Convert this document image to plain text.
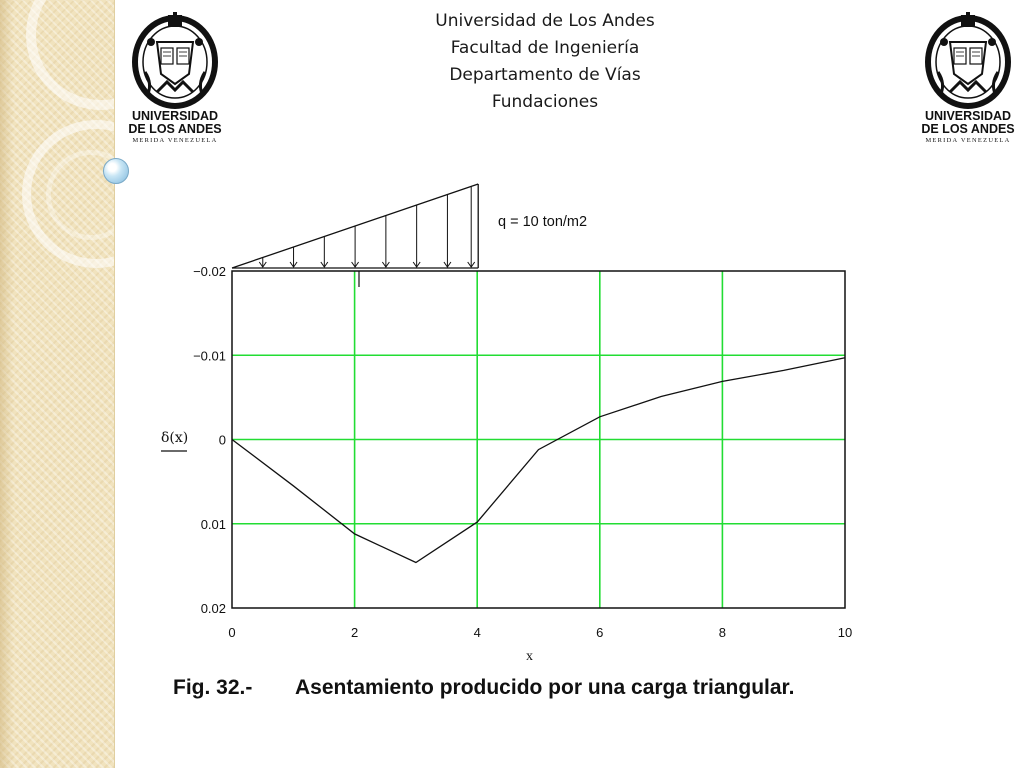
UNIVERSIDAD
DE LOS ANDES
MERIDA VENEZUELA
UNIVERSIDAD
DE LOS ANDES
MERIDA VENEZUELA
Universidad de Los Andes
Facultad de Ingeniería
Departamento de Vías
Fundaciones
q = 10 ton/m2
−0.02
−0.01
0
0.01
0.02
0	2	4	6	8	10
δ(x)
x
Fig. 32.- Asentamiento producido por una carga triangular.
